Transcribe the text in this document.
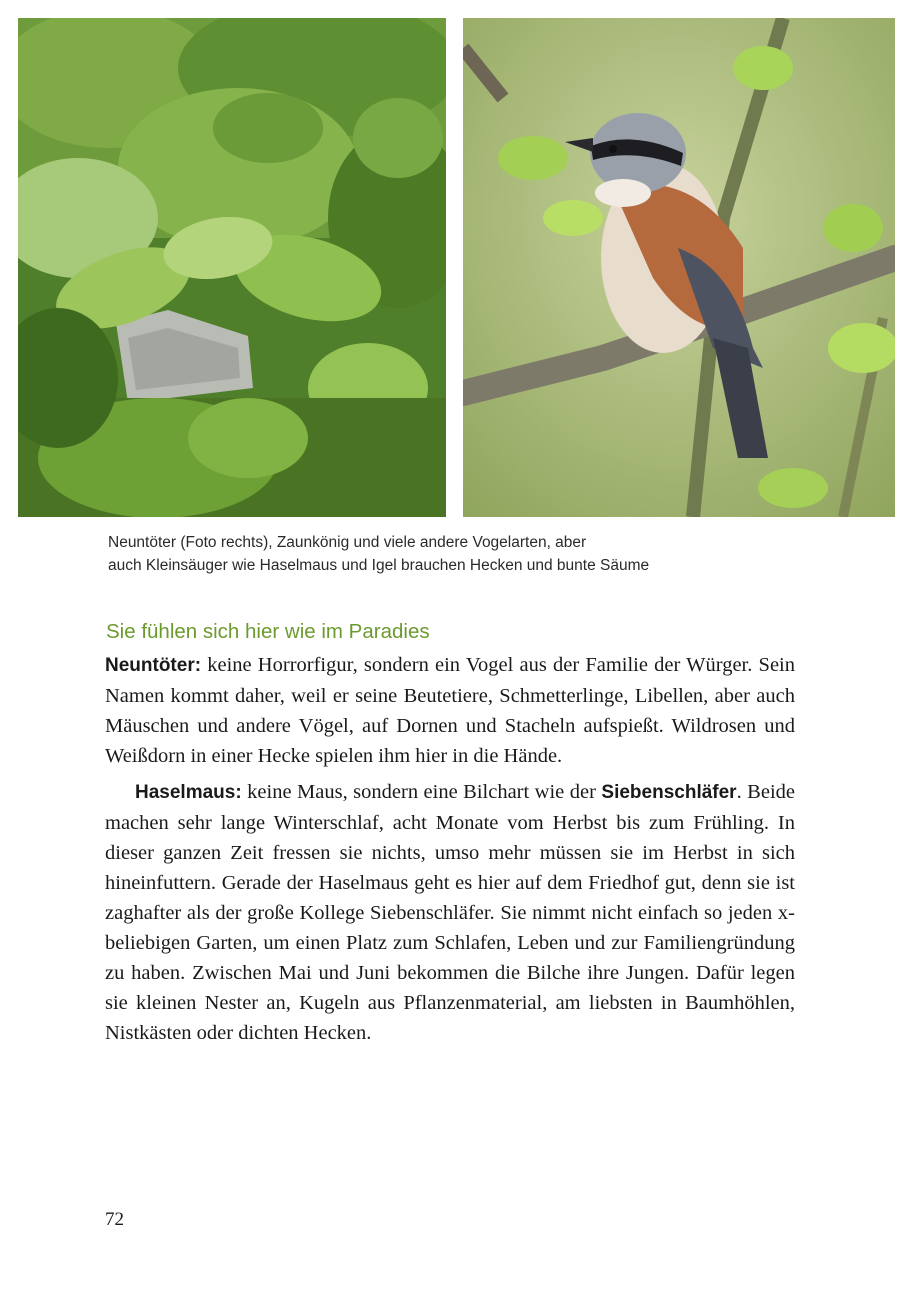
Neuntöter (Foto rechts), Zaunkönig und viele andere Vogelarten, aber
auch Kleinsäuger wie Haselmaus und Igel brauchen Hecken und bunte Säume
Sie fühlen sich hier wie im Paradies

Neuntöter: keine Horrorfigur, sondern ein Vogel aus der Familie der Würger. Sein Namen kommt daher, weil er seine Beutetiere, Schmetterlinge, Libellen, aber auch Mäuschen und andere Vögel, auf Dornen und Stacheln aufspießt. Wildrosen und Weißdorn in einer Hecke spielen ihm hier in die Hände.

Haselmaus: keine Maus, sondern eine Bilchart wie der Siebenschläfer. Beide machen sehr lange Winterschlaf, acht Monate vom Herbst bis zum Frühling. In dieser ganzen Zeit fressen sie nichts, umso mehr müssen sie im Herbst in sich hineinfuttern. Gerade der Haselmaus geht es hier auf dem Friedhof gut, denn sie ist zaghafter als der große Kollege Siebenschläfer. Sie nimmt nicht einfach so jeden x-beliebigen Garten, um einen Platz zum Schlafen, Leben und zur Familiengründung zu haben. Zwischen Mai und Juni bekommen die Bilche ihre Jungen. Dafür legen sie kleinen Nester an, Kugeln aus Pflanzenmaterial, am liebsten in Baumhöhlen, Nistkästen oder dichten Hecken.

72
